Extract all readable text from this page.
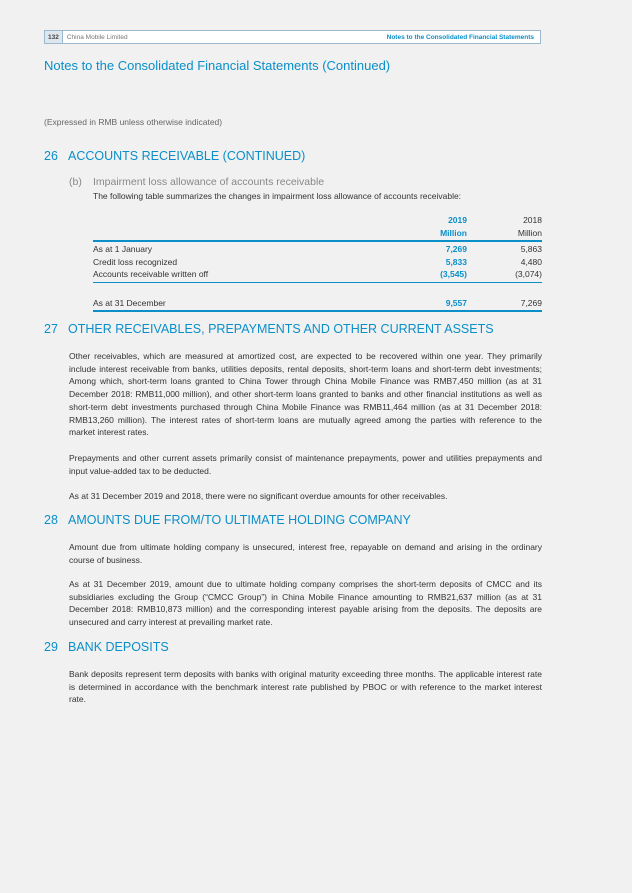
132	China Mobile Limited	Notes to the Consolidated Financial Statements
Notes to the Consolidated Financial Statements (Continued)
(Expressed in RMB unless otherwise indicated)
26 ACCOUNTS RECEIVABLE (CONTINUED)
(b) Impairment loss allowance of accounts receivable
The following table summarizes the changes in impairment loss allowance of accounts receivable:
2019	2018
Million	Million
As at 1 January	7,269	5,863
Credit loss recognized	5,833	4,480
Accounts receivable written off	(3,545)	(3,074)
As at 31 December	9,557	7,269
27 OTHER RECEIVABLES, PREPAYMENTS AND OTHER CURRENT ASSETS

Other receivables, which are measured at amortized cost, are expected to be recovered within one year. They primarily include interest receivable from banks, utilities deposits, rental deposits, short-term loans and short-term debt investments; Among which, short-term loans granted to China Tower through China Mobile Finance was RMB7,450 million (as at 31 December 2018: RMB11,000 million), and other short-term loans granted to banks and other financial institutions as well as short-term debt investments purchased through China Mobile Finance was RMB11,464 million (as at 31 December 2018: RMB13,260 million). The interest rates of short-term loans are mutually agreed among the parties with reference to the market interest rates.

Prepayments and other current assets primarily consist of maintenance prepayments, power and utilities prepayments and input value-added tax to be deducted.

As at 31 December 2019 and 2018, there were no significant overdue amounts for other receivables.

28 AMOUNTS DUE FROM/TO ULTIMATE HOLDING COMPANY

Amount due from ultimate holding company is unsecured, interest free, repayable on demand and arising in the ordinary course of business.

As at 31 December 2019, amount due to ultimate holding company comprises the short-term deposits of CMCC and its subsidiaries excluding the Group (“CMCC Group”) in China Mobile Finance amounting to RMB21,637 million (as at 31 December 2018: RMB10,873 million) and the corresponding interest payable arising from the deposits. The deposits are unsecured and carry interest at prevailing market rate.

29 BANK DEPOSITS

Bank deposits represent term deposits with banks with original maturity exceeding three months. The applicable interest rate is determined in accordance with the benchmark interest rate published by PBOC or with reference to the market interest rate.
